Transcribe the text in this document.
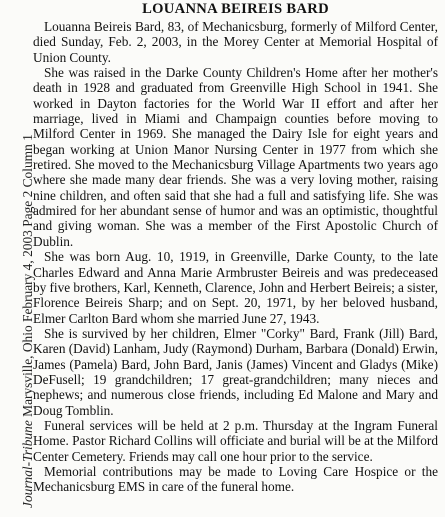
Journal-Tribune Marysville, Ohio February 4, 2003 Page 2 Column 1
LOUANNA BEIREIS BARD

Louanna Beireis Bard, 83, of Mechanicsburg, formerly of Milford Center, died Sunday, Feb. 2, 2003, in the Morey Center at Memorial Hospital of Union County.

She was raised in the Darke County Children's Home after her mother's death in 1928 and graduated from Greenville High School in 1941. She worked in Dayton factories for the World War II effort and after her marriage, lived in Miami and Champaign counties before moving to Milford Center in 1969. She managed the Dairy Isle for eight years and began working at Union Manor Nursing Center in 1977 from which she retired. She moved to the Mechanicsburg Village Apartments two years ago where she made many dear friends. She was a very loving mother, raising nine children, and often said that she had a full and satisfying life. She was admired for her abundant sense of humor and was an optimistic, thoughtful and giving woman. She was a member of the First Apostolic Church of Dublin.

She was born Aug. 10, 1919, in Greenville, Darke County, to the late Charles Edward and Anna Marie Armbruster Beireis and was predeceased by five brothers, Karl, Kenneth, Clarence, John and Herbert Beireis; a sister, Florence Beireis Sharp; and on Sept. 20, 1971, by her beloved husband, Elmer Carlton Bard whom she married June 27, 1943.

She is survived by her children, Elmer "Corky" Bard, Frank (Jill) Bard, Karen (David) Lanham, Judy (Raymond) Durham, Barbara (Donald) Erwin, James (Pamela) Bard, John Bard, Janis (James) Vincent and Gladys (Mike) DeFusell; 19 grandchildren; 17 great-grandchildren; many nieces and nephews; and numerous close friends, including Ed Malone and Mary and Doug Tomblin.

Funeral services will be held at 2 p.m. Thursday at the Ingram Funeral Home. Pastor Richard Collins will officiate and burial will be at the Milford Center Cemetery. Friends may call one hour prior to the service.

Memorial contributions may be made to Loving Care Hospice or the Mechanicsburg EMS in care of the funeral home.
